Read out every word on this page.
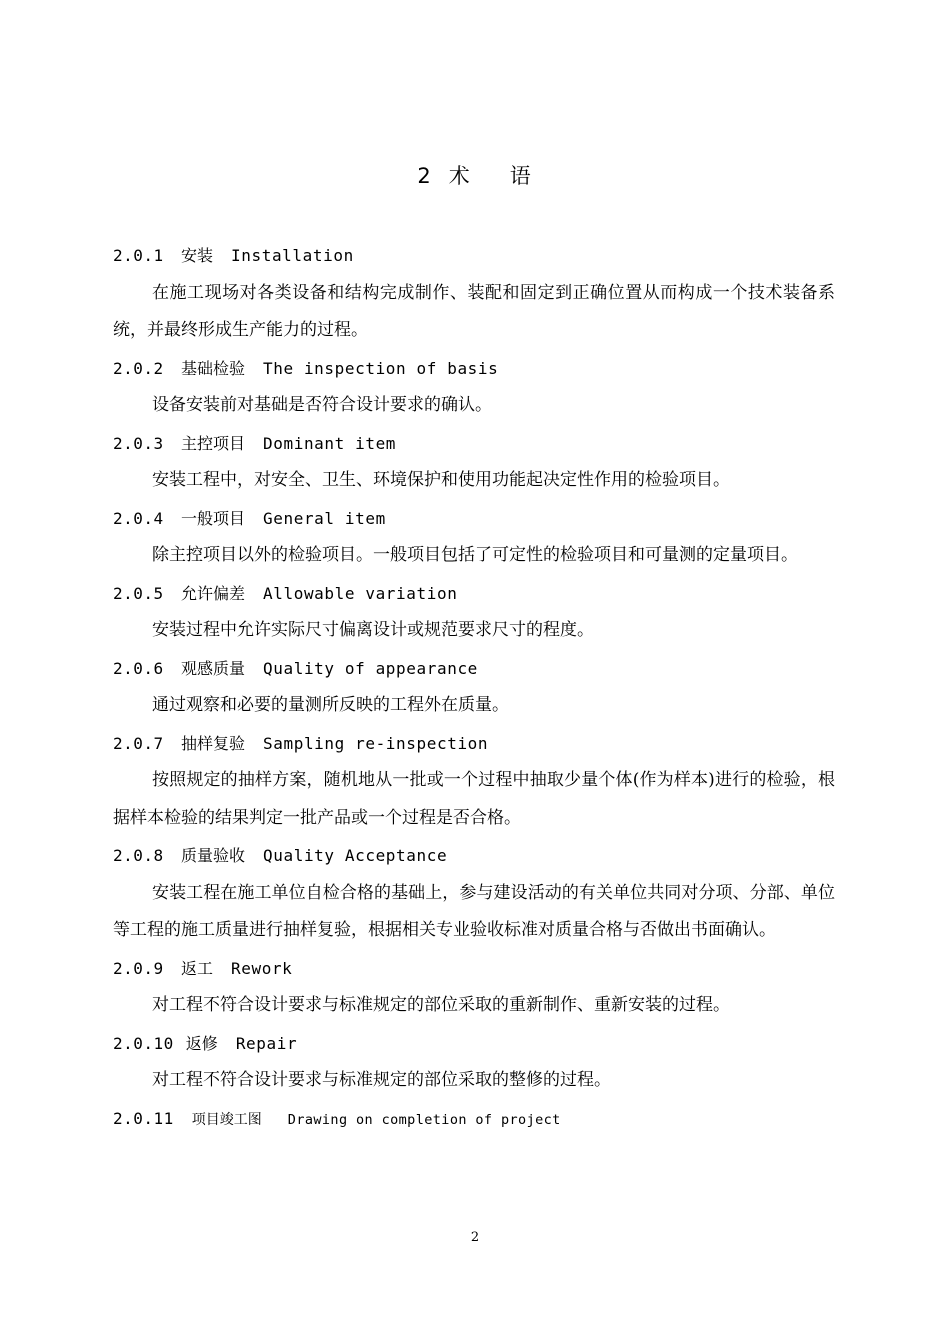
2 术 语
2.0.1 安装 Installation

在施工现场对各类设备和结构完成制作、装配和固定到正确位置从而构成一个技术装备系统，并最终形成生产能力的过程。

2.0.2 基础检验 The inspection of basis

设备安装前对基础是否符合设计要求的确认。

2.0.3 主控项目 Dominant item

安装工程中，对安全、卫生、环境保护和使用功能起决定性作用的检验项目。

2.0.4 一般项目 General item

除主控项目以外的检验项目。一般项目包括了可定性的检验项目和可量测的定量项目。

2.0.5 允许偏差 Allowable variation

安装过程中允许实际尺寸偏离设计或规范要求尺寸的程度。

2.0.6 观感质量 Quality of appearance

通过观察和必要的量测所反映的工程外在质量。

2.0.7 抽样复验 Sampling re-inspection

按照规定的抽样方案，随机地从一批或一个过程中抽取少量个体(作为样本)进行的检验，根据样本检验的结果判定一批产品或一个过程是否合格。

2.0.8 质量验收 Quality Acceptance

安装工程在施工单位自检合格的基础上，参与建设活动的有关单位共同对分项、分部、单位等工程的施工质量进行抽样复验，根据相关专业验收标准对质量合格与否做出书面确认。

2.0.9 返工 Rework

对工程不符合设计要求与标准规定的部位采取的重新制作、重新安装的过程。

2.0.10 返修 Repair

对工程不符合设计要求与标准规定的部位采取的整修的过程。

2.0.11 项目竣工图 Drawing on completion of project
2
